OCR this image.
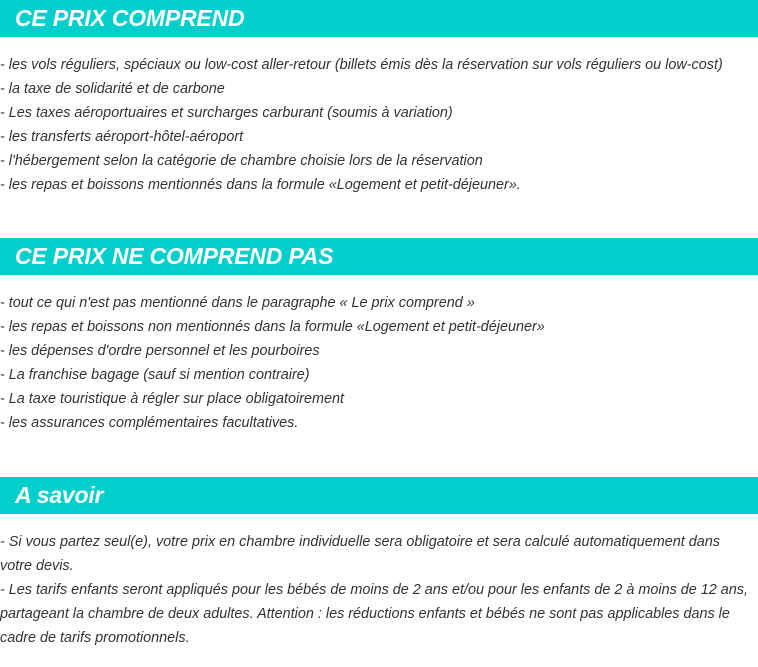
CE PRIX COMPREND
- les vols réguliers, spéciaux ou low-cost aller-retour (billets émis dès la réservation sur vols réguliers ou low-cost)
- la taxe de solidarité et de carbone
- Les taxes aéroportuaires et surcharges carburant (soumis à variation)
- les transferts aéroport-hôtel-aéroport
- l'hébergement selon la catégorie de chambre choisie lors de la réservation
- les repas et boissons mentionnés dans la formule «Logement et petit-déjeuner».
CE PRIX NE COMPREND PAS
- tout ce qui n'est pas mentionné dans le paragraphe « Le prix comprend »
- les repas et boissons non mentionnés dans la formule «Logement et petit-déjeuner»
- les dépenses d'ordre personnel et les pourboires
- La franchise bagage (sauf si mention contraire)
- La taxe touristique à régler sur place obligatoirement
- les assurances complémentaires facultatives.
A savoir
- Si vous partez seul(e), votre prix en chambre individuelle sera obligatoire et sera calculé automatiquement dans votre devis.
- Les tarifs enfants seront appliqués pour les bébés de moins de 2 ans et/ou pour les enfants de 2 à moins de 12 ans, partageant la chambre de deux adultes. Attention : les réductions enfants et bébés ne sont pas applicables dans le cadre de tarifs promotionnels.
